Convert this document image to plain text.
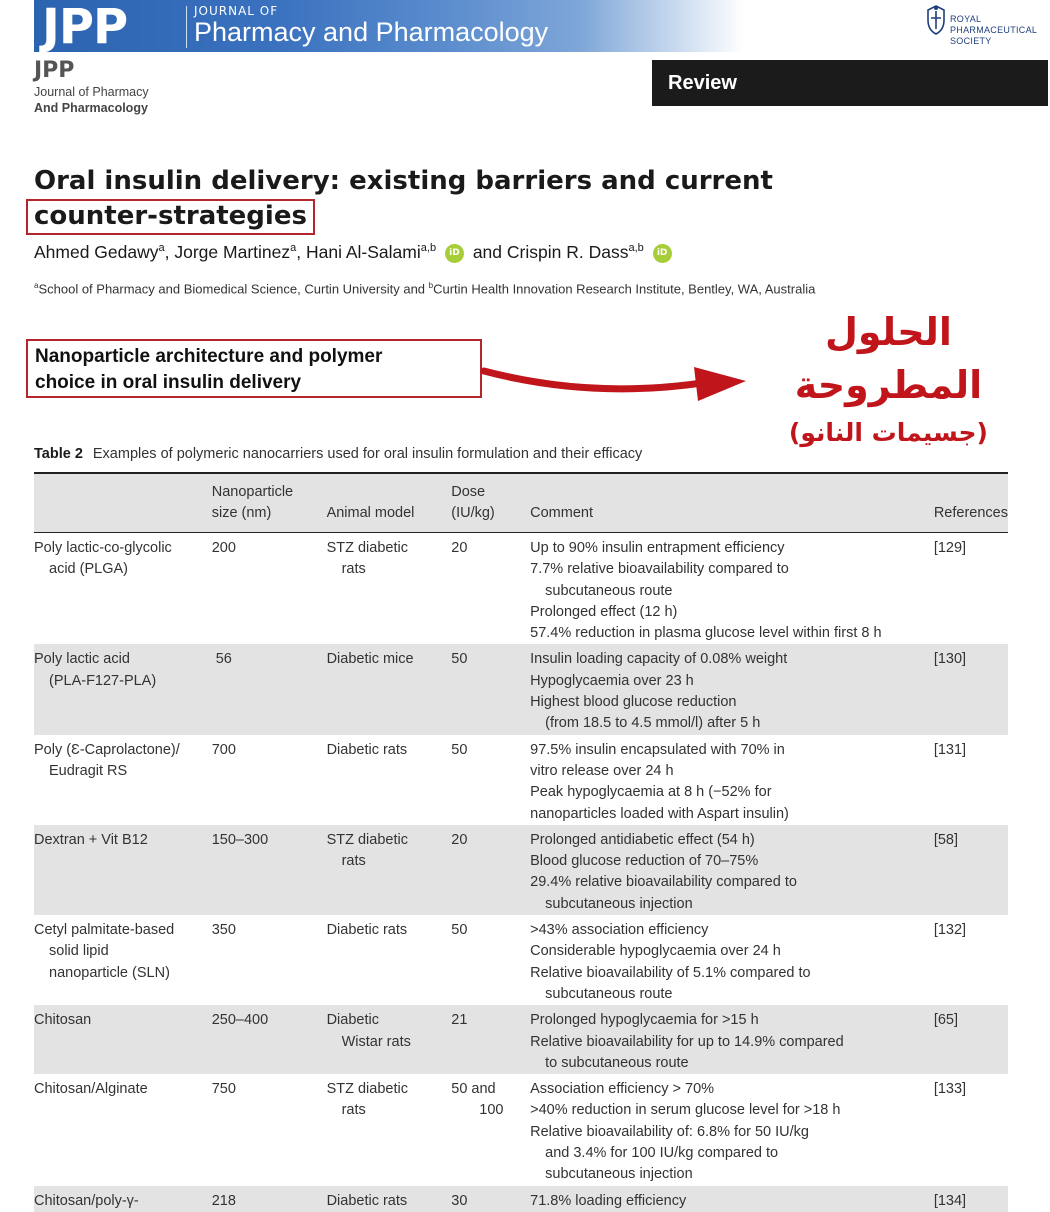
JPP	JOURNAL OF
Pharmacy and Pharmacology	ROYAL
PHARMACEUTICAL
SOCIETY
JPP
Journal of Pharmacy
And Pharmacology
Review
Oral insulin delivery: existing barriers and current
counter-strategies
Ahmed Gedawy$^a$, Jorge Martinez$^a$, Hani Al-Salami$^{a,b}$ iD and Crispin R. Dass$^{a,b}$ iD
$^a$School of Pharmacy and Biomedical Science, Curtin University and $^b$Curtin Health Innovation Research Institute, Bentley, WA, Australia
Nanoparticle architecture and polymer
choice in oral insulin delivery
الحلول
المطروحة
(جسيمات النانو)
Table 2 Examples of polymeric nanocarriers used for oral insulin formulation and their efficacy

	Nanoparticle
size (nm)	Animal model	Dose
(IU/kg)	Comment	References

Poly lactic-co-glycolic
acid (PLGA)	200	STZ diabetic
rats	20	Up to 90% insulin entrapment efficiency
7.7% relative bioavailability compared to
subcutaneous route
Prolonged effect (12 h)
57.4% reduction in plasma glucose level within first 8 h	[129]

Poly lactic acid
(PLA-F127-PLA)	56	Diabetic mice	50	Insulin loading capacity of 0.08% weight
Hypoglycaemia over 23 h
Highest blood glucose reduction
(from 18.5 to 4.5 mmol/l) after 5 h	[130]

Poly (Ɛ-Caprolactone)/
Eudragit RS	700	Diabetic rats	50	97.5% insulin encapsulated with 70% in
vitro release over 24 h
Peak hypoglycaemia at 8 h (−52% for
nanoparticles loaded with Aspart insulin)	[131]

Dextran + Vit B12	150–300	STZ diabetic
rats	20	Prolonged antidiabetic effect (54 h)
Blood glucose reduction of 70–75%
29.4% relative bioavailability compared to
subcutaneous injection	[58]

Cetyl palmitate-based
solid lipid
nanoparticle (SLN)	350	Diabetic rats	50	>43% association efficiency
Considerable hypoglycaemia over 24 h
Relative bioavailability of 5.1% compared to
subcutaneous route	[132]

Chitosan	250–400	Diabetic
Wistar rats	21	Prolonged hypoglycaemia for >15 h
Relative bioavailability for up to 14.9% compared
to subcutaneous route	[65]

Chitosan/Alginate	750	STZ diabetic
rats	50 and
100	Association efficiency > 70%
>40% reduction in serum glucose level for >18 h
Relative bioavailability of: 6.8% for 50 IU/kg
and 3.4% for 100 IU/kg compared to
subcutaneous injection	[133]

Chitosan/poly-γ-	218	Diabetic rats	30	71.8% loading efficiency	[134]
